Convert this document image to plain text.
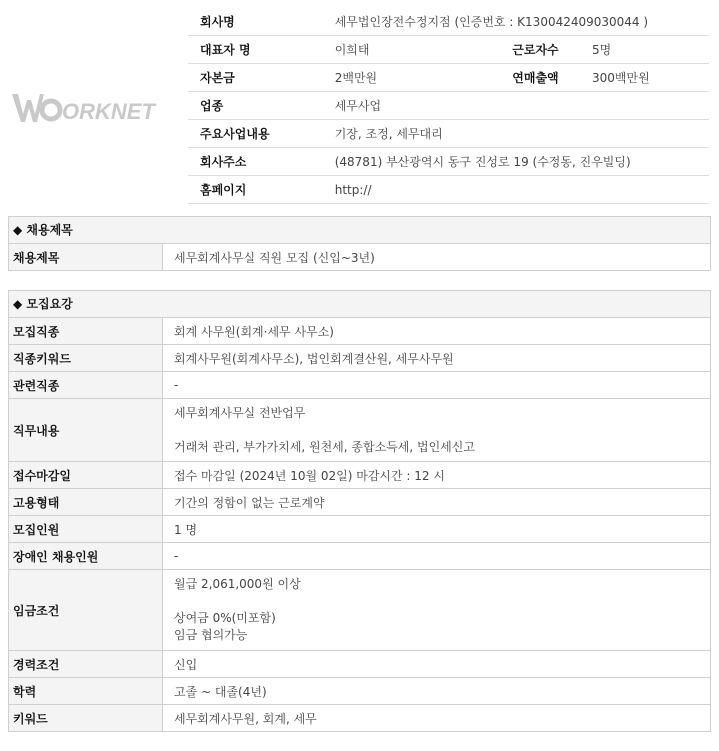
ORKNET
회사명	세무법인장전수정지점 (인증번호 : K130042409030044 )		
대표자 명	이희태	근로자수	5명
자본금	2백만원	연매출액	300백만원
업종	세무사업		
주요사업내용	기장, 조정, 세무대리		
회사주소	(48781) 부산광역시 동구 진성로 19 (수정동, 진우빌딩)		
홈페이지	http://		
◆ 채용제목
채용제목	세무회계사무실 직원 모집 (신입~3년)
◆ 모집요강
모집직종	회계 사무원(회계·세무 사무소)
직종키워드	회계사무원(회계사무소), 법인회계결산원, 세무사무원
관련직종	-
직무내용
세무회계사무실 전반업무
거래처 관리, 부가가치세, 원천세, 종합소득세, 법인세신고
접수마감일	접수 마감일 (2024년 10월 02일) 마감시간 : 12 시
고용형태	기간의 정함이 없는 근로계약
모집인원	1 명
장애인 채용인원	-
임금조건
월급 2,061,000원 이상
상여금 0%(미포함)
임금 협의가능
경력조건	신입
학력	고졸 ~ 대졸(4년)
키워드	세무회계사무원, 회계, 세무
